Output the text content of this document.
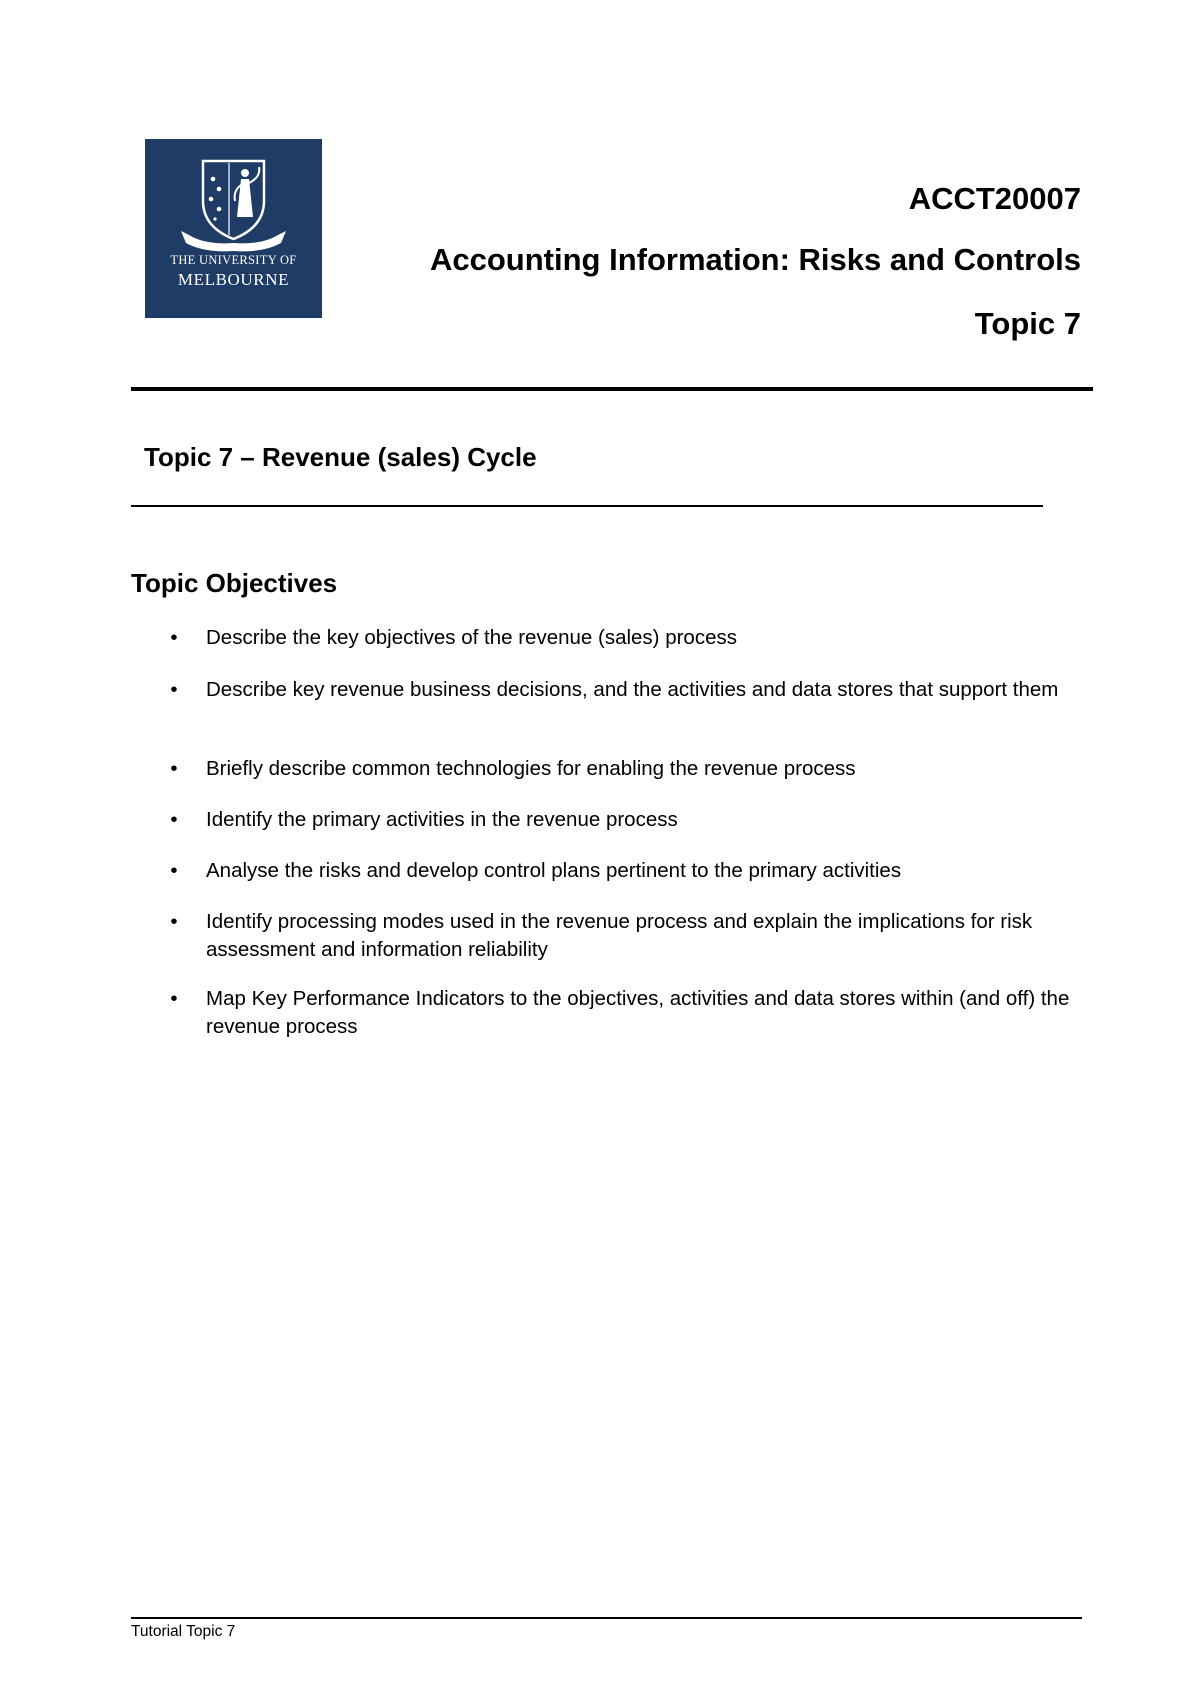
THE UNIVERSITY OF
MELBOURNE
ACCT20007
Accounting Information: Risks and Controls
Topic 7
Topic 7 – Revenue (sales) Cycle
Topic Objectives
• Describe the key objectives of the revenue (sales) process
• Describe key revenue business decisions, and the activities and data stores that support them
• Briefly describe common technologies for enabling the revenue process
• Identify the primary activities in the revenue process
• Analyse the risks and develop control plans pertinent to the primary activities
• Identify processing modes used in the revenue process and explain the implications for risk assessment and information reliability
• Map Key Performance Indicators to the objectives, activities and data stores within (and off) the revenue process
Tutorial Topic 7
